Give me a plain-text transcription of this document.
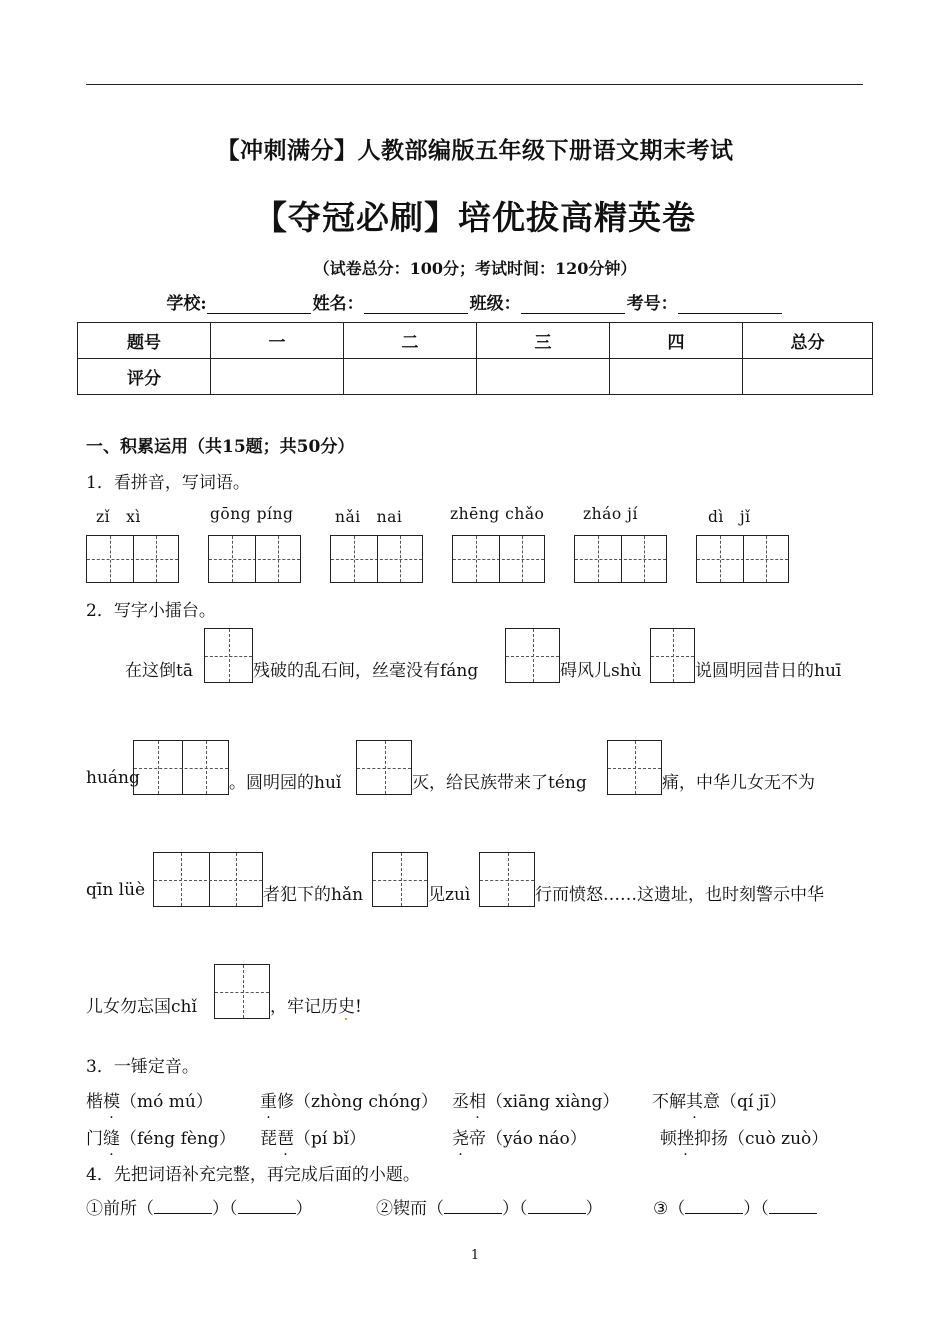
【冲刺满分】人教部编版五年级下册语文期末考试
【夺冠必刷】培优拔高精英卷
（试卷总分：100分；考试时间：120分钟）
学校:	姓名：	班级：	考号：
题号	一	二	三	四	总分
评分					
一、积累运用（共15题；共50分）
1．看拼音，写词语。
zǐ　xì	gōng píng	nǎi　nai	zhēng chǎo zháo jí	dì　jǐ
2．写字小擂台。
在这倒tā	残破的乱石间，丝毫没有fáng	碍风儿shù	说圆明园昔日的huī
huáng	。圆明园的huǐ	灭，给民族带来了téng	痛，中华儿女无不为
qīn lüè	者犯下的hǎn	见zuì	行而愤怒……这遗址，也时刻警示中华
儿女勿忘国chǐ	，牢记历史!
3．一锤定音。
楷模（mó mú）	重修（zhòng chóng） 丞相（xiāng xiàng） 不解其意（qí jī）
门缝（féng fèng） 琵琶（pí bǐ）	尧帝（yáo náo）	顿挫抑扬（cuò zuò）
4．先把词语补充完整，再完成后面的小题。
①前所（	）（	）	②锲而（	）（	）	③（	）（
1
